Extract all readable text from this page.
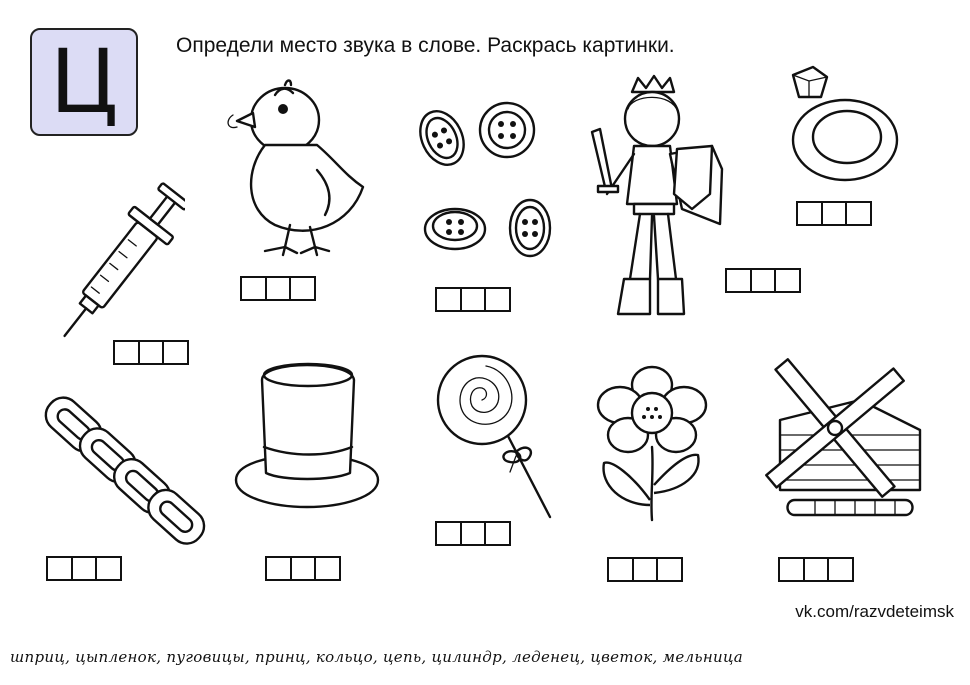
Ц	Определи место звука в слове. Раскрась картинки.
vk.com/razvdeteimsk
шприц, цыпленок, пуговицы, принц, кольцо, цепь, цилиндр, леденец, цветок, мельница
